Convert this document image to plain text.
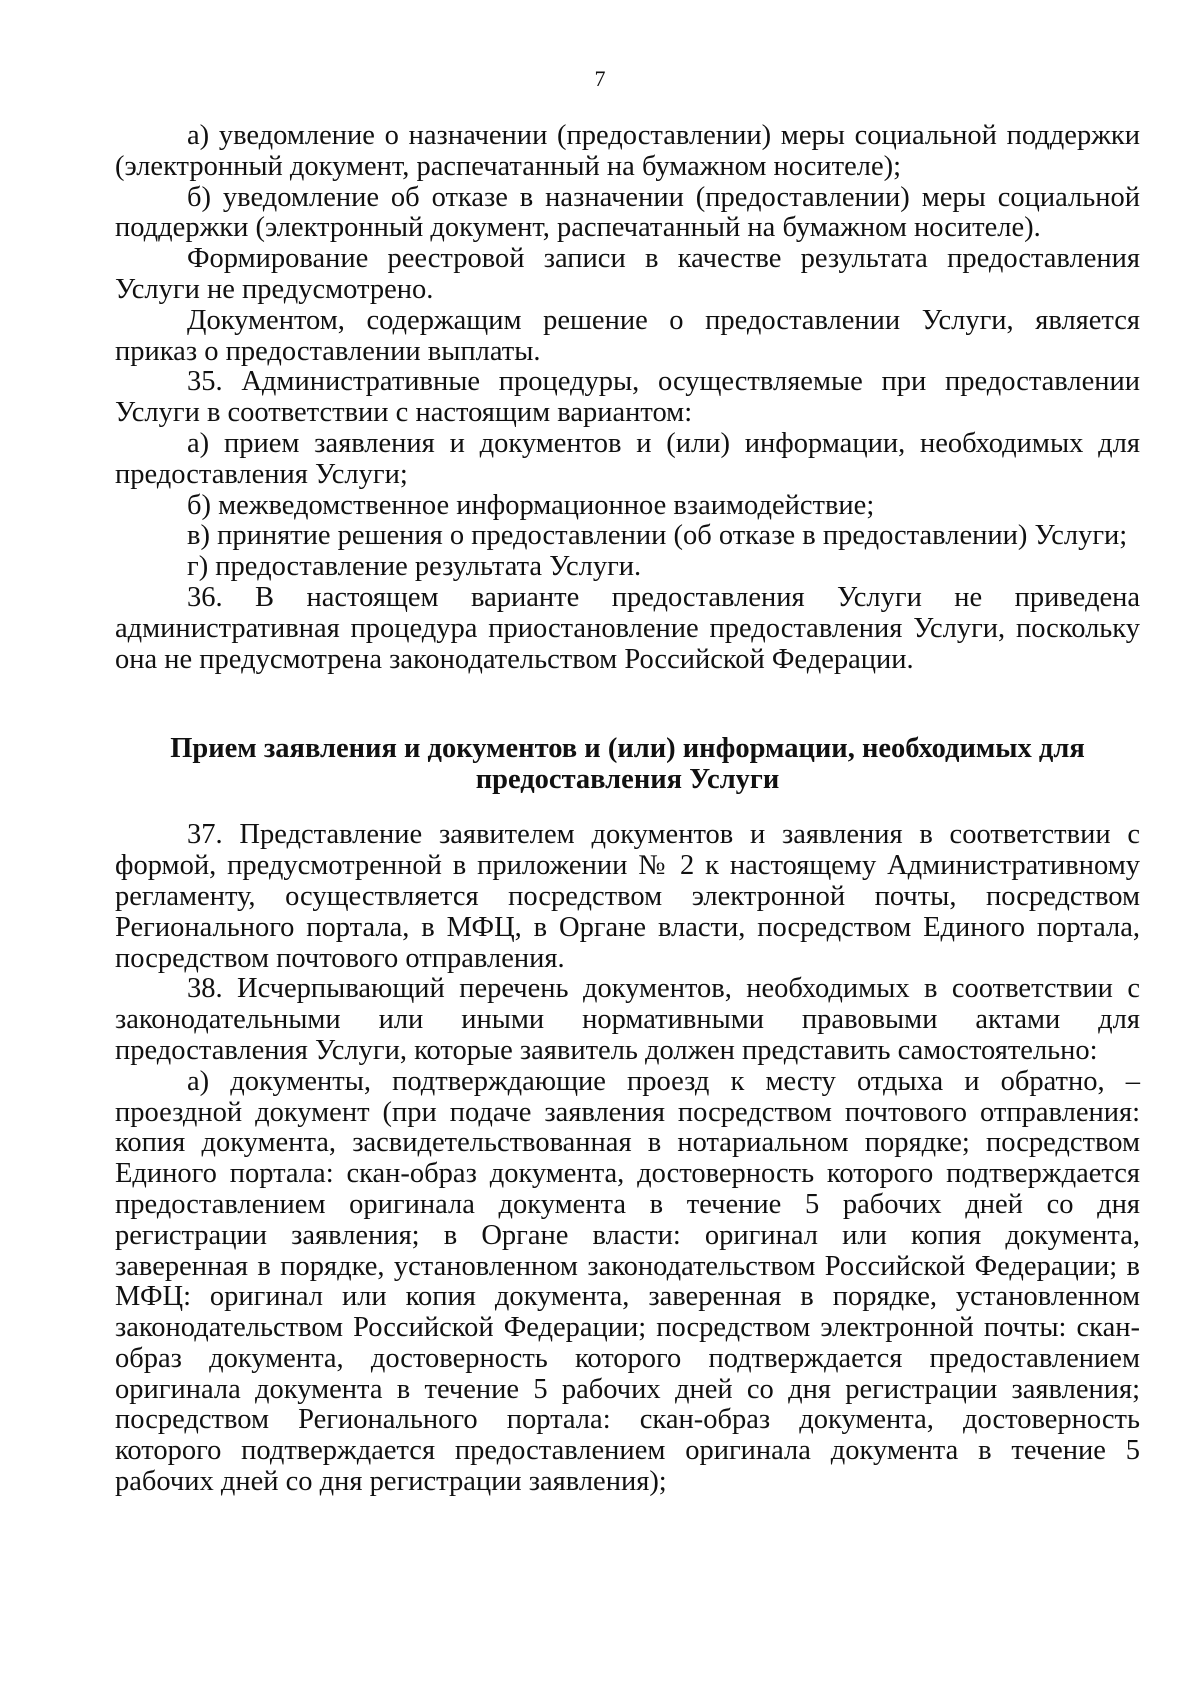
7

а) уведомление о назначении (предоставлении) меры социальной поддержки (электронный документ, распечатанный на бумажном носителе);

б) уведомление об отказе в назначении (предоставлении) меры социальной поддержки (электронный документ, распечатанный на бумажном носителе).

Формирование реестровой записи в качестве результата предоставления Услуги не предусмотрено.

Документом, содержащим решение о предоставлении Услуги, является приказ о предоставлении выплаты.

35. Административные процедуры, осуществляемые при предоставлении Услуги в соответствии с настоящим вариантом:

а) прием заявления и документов и (или) информации, необходимых для предоставления Услуги;

б) межведомственное информационное взаимодействие;

в) принятие решения о предоставлении (об отказе в предоставлении) Услуги;

г) предоставление результата Услуги.

36. В настоящем варианте предоставления Услуги не приведена административная процедура приостановление предоставления Услуги, поскольку она не предусмотрена законодательством Российской Федерации.

Прием заявления и документов и (или) информации, необходимых для
предоставления Услуги

37. Представление заявителем документов и заявления в соответствии с формой, предусмотренной в приложении № 2 к настоящему Административному регламенту, осуществляется посредством электронной почты, посредством Регионального портала, в МФЦ, в Органе власти, посредством Единого портала, посредством почтового отправления.

38. Исчерпывающий перечень документов, необходимых в соответствии с законодательными или иными нормативными правовыми актами для предоставления Услуги, которые заявитель должен представить самостоятельно:

а) документы, подтверждающие проезд к месту отдыха и обратно, – проездной документ (при подаче заявления посредством почтового отправления: копия документа, засвидетельствованная в нотариальном порядке; посредством Единого портала: скан-образ документа, достоверность которого подтверждается предоставлением оригинала документа в течение 5 рабочих дней со дня регистрации заявления; в Органе власти: оригинал или копия документа, заверенная в порядке, установленном законодательством Российской Федерации; в МФЦ: оригинал или копия документа, заверенная в порядке, установленном законодательством Российской Федерации; посредством электронной почты: скан-образ документа, достоверность которого подтверждается предоставлением оригинала документа в течение 5 рабочих дней со дня регистрации заявления; посредством Регионального портала: скан-образ документа, достоверность которого подтверждается предоставлением оригинала документа в течение 5 рабочих дней со дня регистрации заявления);
